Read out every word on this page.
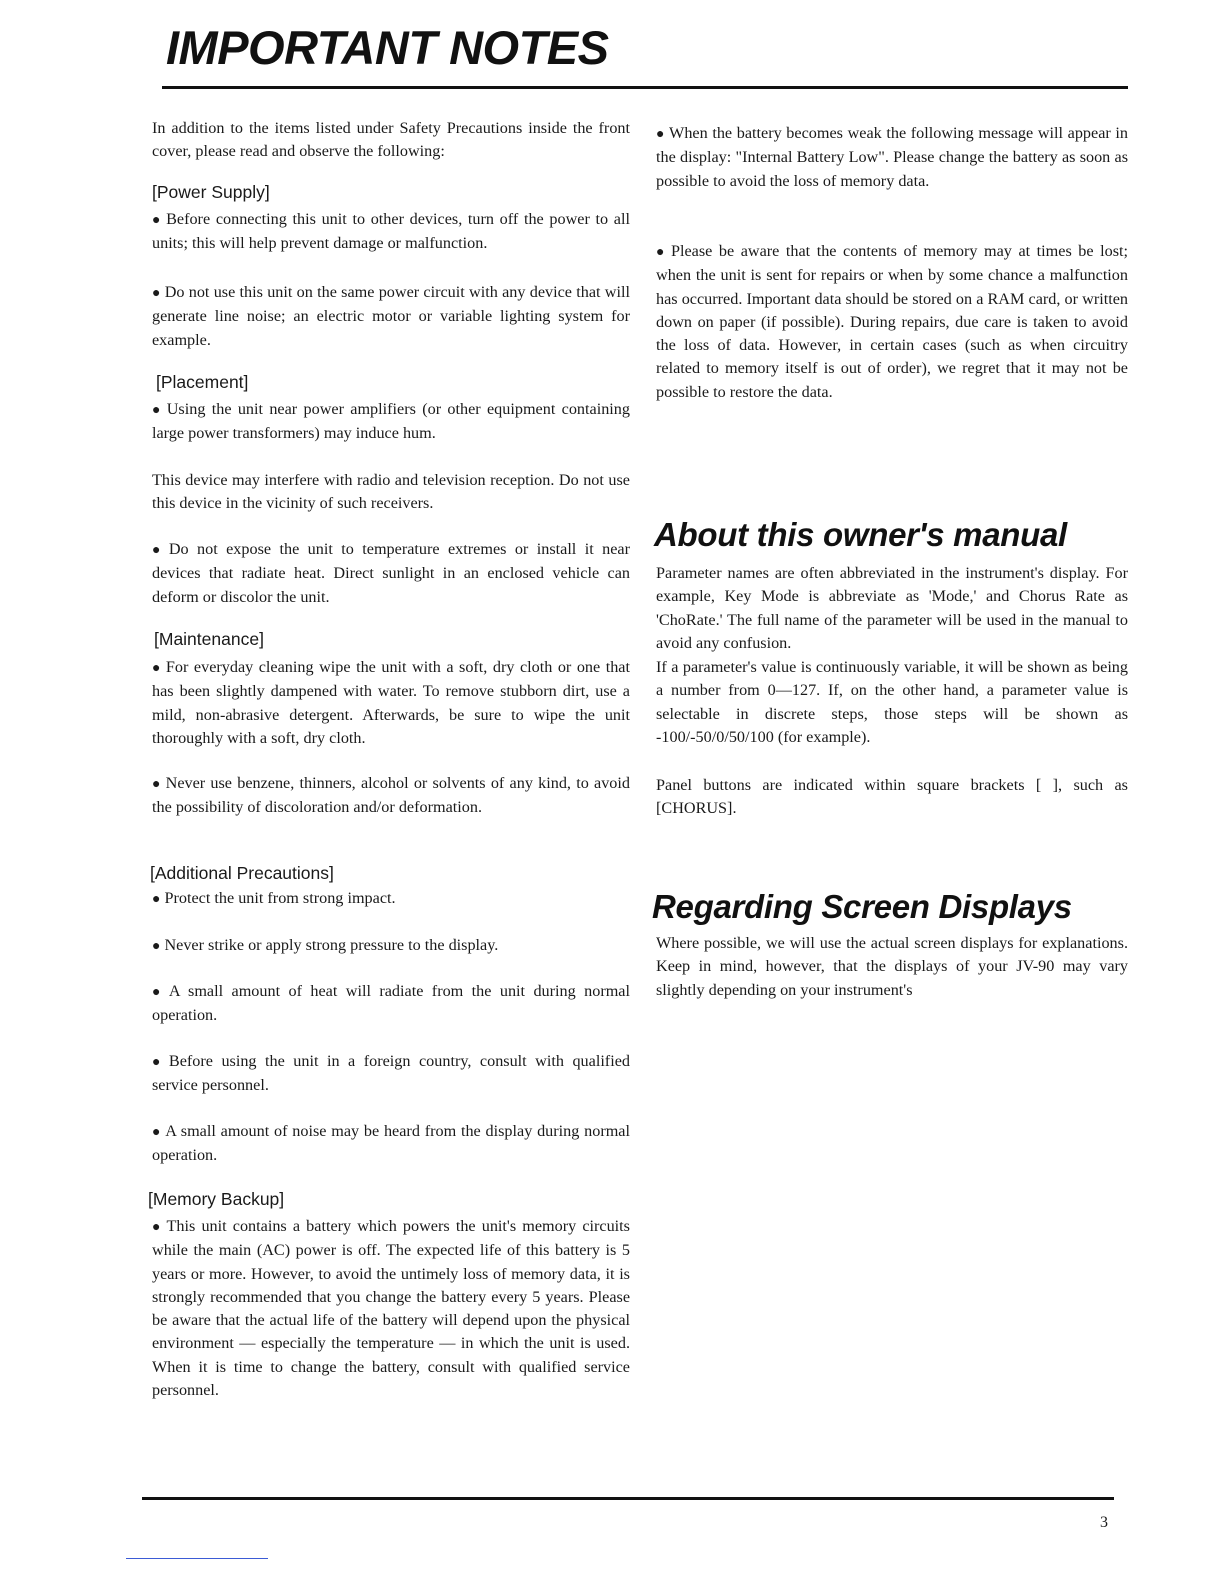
IMPORTANT NOTES

In addition to the items listed under Safety Precautions inside the front cover, please read and observe the following:

[Power Supply]

● Before connecting this unit to other devices, turn off the power to all units; this will help prevent damage or malfunction.

● Do not use this unit on the same power circuit with any device that will generate line noise; an electric motor or variable lighting system for example.

[Placement]

● Using the unit near power amplifiers (or other equipment containing large power transformers) may induce hum.

This device may interfere with radio and television reception. Do not use this device in the vicinity of such receivers.

● Do not expose the unit to temperature extremes or install it near devices that radiate heat. Direct sunlight in an enclosed vehicle can deform or discolor the unit.

[Maintenance]

● For everyday cleaning wipe the unit with a soft, dry cloth or one that has been slightly dampened with water. To remove stubborn dirt, use a mild, non-abrasive detergent. Afterwards, be sure to wipe the unit thoroughly with a soft, dry cloth.

● Never use benzene, thinners, alcohol or solvents of any kind, to avoid the possibility of discoloration and/or deformation.

[Additional Precautions]

● Protect the unit from strong impact.

● Never strike or apply strong pressure to the display.

● A small amount of heat will radiate from the unit during normal operation.

● Before using the unit in a foreign country, consult with qualified service personnel.

● A small amount of noise may be heard from the display during normal operation.

[Memory Backup]

● This unit contains a battery which powers the unit's memory circuits while the main (AC) power is off. The expected life of this battery is 5 years or more. However, to avoid the untimely loss of memory data, it is strongly recommended that you change the battery every 5 years. Please be aware that the actual life of the battery will depend upon the physical environment — especially the temperature — in which the unit is used. When it is time to change the battery, consult with qualified service personnel.

● When the battery becomes weak the following message will appear in the display: "Internal Battery Low". Please change the battery as soon as possible to avoid the loss of memory data.

● Please be aware that the contents of memory may at times be lost; when the unit is sent for repairs or when by some chance a malfunction has occurred. Important data should be stored on a RAM card, or written down on paper (if possible). During repairs, due care is taken to avoid the loss of data. However, in certain cases (such as when circuitry related to memory itself is out of order), we regret that it may not be possible to restore the data.

About this owner's manual

Parameter names are often abbreviated in the instrument's display. For example, Key Mode is abbreviate as 'Mode,' and Chorus Rate as 'ChoRate.' The full name of the parameter will be used in the manual to avoid any confusion.

If a parameter's value is continuously variable, it will be shown as being a number from 0—127. If, on the other hand, a parameter value is selectable in discrete steps, those steps will be shown as -100/-50/0/50/100 (for example).

Panel buttons are indicated within square brackets [ ], such as [CHORUS].

Regarding Screen Displays

Where possible, we will use the actual screen displays for explanations. Keep in mind, however, that the displays of your JV-90 may vary slightly depending on your instrument's

3
